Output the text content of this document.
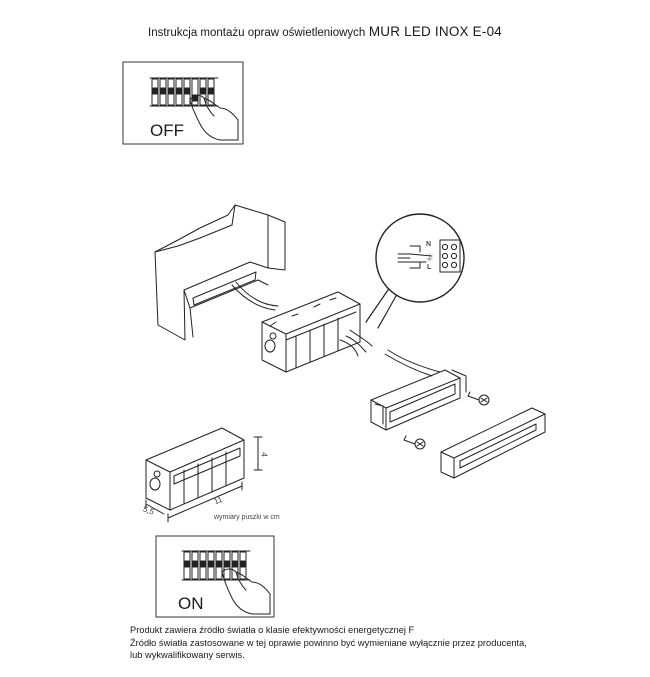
Instrukcja montażu opraw oświetleniowych MUR LED INOX E-04
N
⏚
L
OFF
ON
4
11
5,5
wymiary puszki w cm
Produkt zawiera źródło światła o klasie efektywności energetycznej F
Źródło światła zastosowane w tej oprawie powinno być wymieniane wyłącznie przez producenta,
lub wykwalifikowany serwis.
